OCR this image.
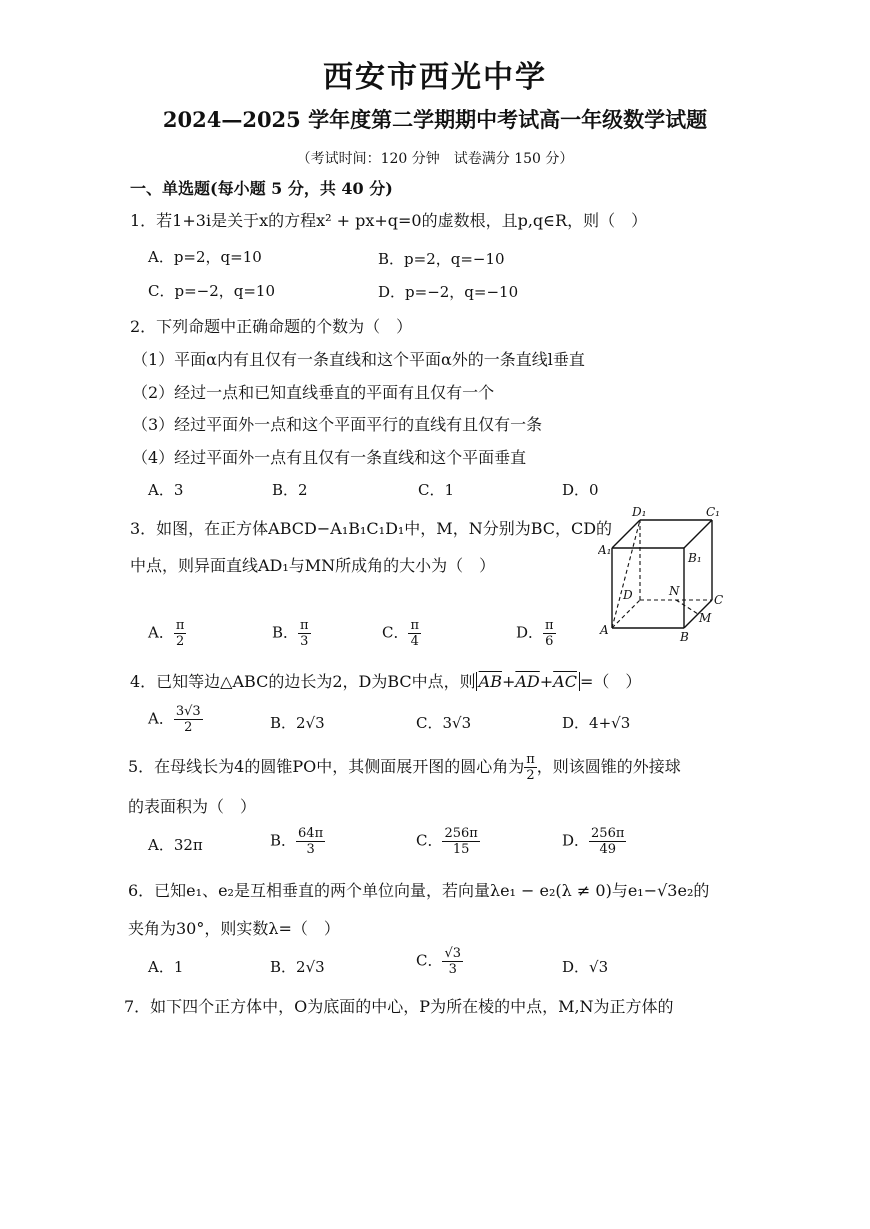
西安市西光中学
2024—2025 学年度第二学期期中考试高一年级数学试题
（考试时间：120 分钟　试卷满分 150 分）
一、单选题(每小题 5 分，共 40 分)
1．若1+3i是关于x的方程x² + px+q=0的虚数根，且p,q∈R，则（　）
A．p=2，q=10	B．p=2，q=−10
C．p=−2，q=10	D．p=−2，q=−10
2．下列命题中正确命题的个数为（　）
（1）平面α内有且仅有一条直线和这个平面α外的一条直线l垂直
（2）经过一点和已知直线垂直的平面有且仅有一个
（3）经过平面外一点和这个平面平行的直线有且仅有一条
（4）经过平面外一点有且仅有一条直线和这个平面垂直
A．3	B．2	C．1	D．0
3．如图，在正方体ABCD−A₁B₁C₁D₁中，M，N分别为BC，CD的
中点，则异面直线AD₁与MN所成角的大小为（　）
A． $\frac{\pi}{2}$	B． $\frac{\pi}{3}$	C． $\frac{\pi}{4}$	D． $\frac{\pi}{6}$
D₁	C₁
A₁
B₁
D	N
C
A	B
M
4．已知等边△ABC的边长为2，D为BC中点，则 $\overline{AB}+\overline{AD}+\overline{AC}$ =（　）
A． $\frac{3√3}{2}$	B．2√3	C．3√3	D．4+√3
5．在母线长为4的圆锥PO中，其侧面展开图的圆心角为 $\frac{\pi}{2}$ ，则该圆锥的外接球
的表面积为（　）
A．32π	B． $\frac{64\pi}{3}$	C． $\frac{256\pi}{15}$	D． $\frac{256\pi}{49}$
6．已知e₁、e₂是互相垂直的两个单位向量，若向量λe₁ − e₂(λ ≠ 0)与e₁−√3e₂的
夹角为30°，则实数λ=（　）
A．1	B．2√3	C． $\frac{√3}{3}$	D．√3
7．如下四个正方体中，O为底面的中心，P为所在棱的中点，M,N为正方体的
